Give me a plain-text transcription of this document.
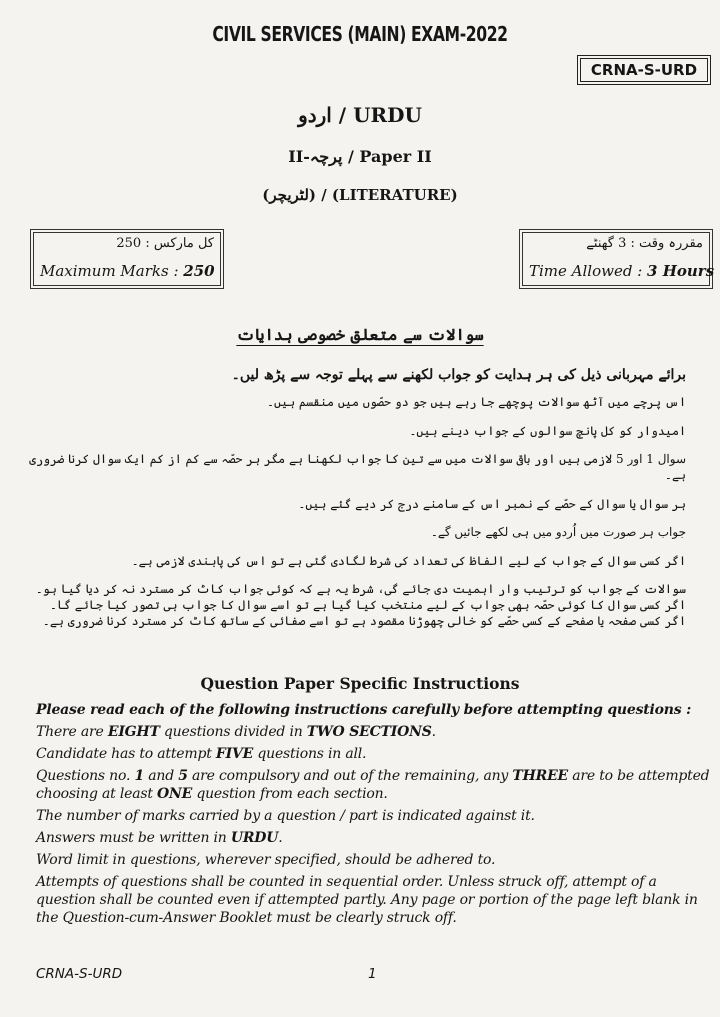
CIVIL SERVICES (MAIN) EXAM-2022
CRNA-S-URD
اردو / URDU
II-پرچہ / Paper II
(لٹریچر) / (LITERATURE)
کل مارکس : 250
Maximum Marks : 250
مقررہ وقت : 3 گھنٹے
Time Allowed : 3 Hours
سوالات سے متعلق خصوصی ہدایات
برائے مہربانی ذیل کی ہر ہدایت کو جواب لکھنے سے پہلے توجہ سے پڑھ لیں۔
اس پرچے میں آٹھ سوالات پوچھے جا رہے ہیں جو دو حصّوں میں منقسم ہیں۔
امیدوار کو کل پانچ سوالوں کے جواب دینے ہیں۔
سوال 1 اور 5 لازمی ہیں اور باقی سوالات میں سے تین کا جواب لکھنا ہے مگر ہر حصّہ سے کم از کم ایک سوال کرنا ضروری ہے۔
ہر سوال یا سوال کے حصّے کے نمبر اس کے سامنے درج کر دیے گئے ہیں۔
جواب ہر صورت میں اُردو میں ہی لکھے جائیں گے۔
اگر کسی سوال کے جواب کے لیے الفاظ کی تعداد کی شرط لگادی گئی ہے تو اس کی پابندی لازمی ہے۔
سوالات کے جواب کو ترتیب وار اہمیت دی جائے گی، شرط یہ ہے کہ کوئی جواب کاٹ کر مسترد نہ کر دیا گیا ہو۔ اگر کسی سوال کا کوئی حصّہ بھی جواب کے لیے منتخب کیا گیا ہے تو اسے سوال کا جواب ہی تصور کیا جائے گا۔ اگر کسی صفحہ یا صفحے کے کسی حصّے کو خالی چھوڑنا مقصود ہے تو اسے صفائی کے ساتھ کاٹ کر مسترد کرنا ضروری ہے۔
Question Paper Specific Instructions
Please read each of the following instructions carefully before attempting questions :
There are EIGHT questions divided in TWO SECTIONS.
Candidate has to attempt FIVE questions in all.
Questions no. 1 and 5 are compulsory and out of the remaining, any THREE are to be attempted choosing at least ONE question from each section.
The number of marks carried by a question / part is indicated against it.
Answers must be written in URDU.
Word limit in questions, wherever specified, should be adhered to.
Attempts of questions shall be counted in sequential order. Unless struck off, attempt of a question shall be counted even if attempted partly. Any page or portion of the page left blank in the Question-cum-Answer Booklet must be clearly struck off.
CRNA-S-URD	1
